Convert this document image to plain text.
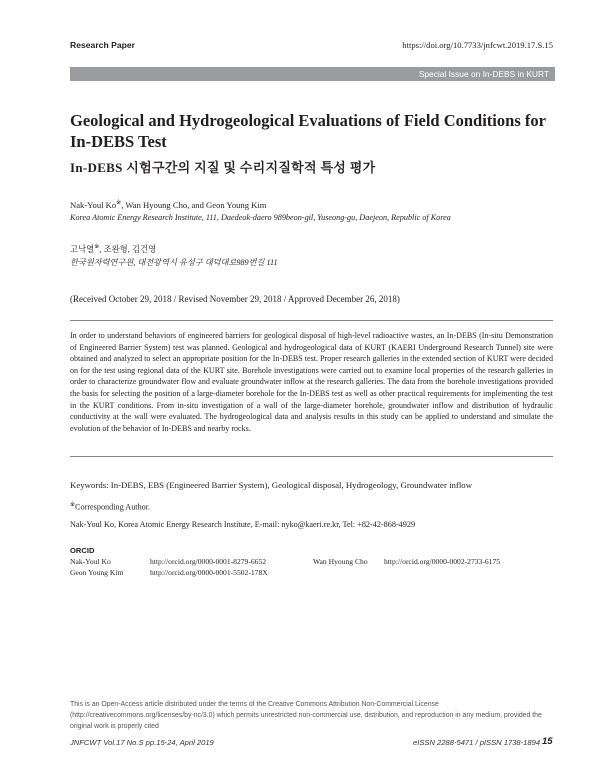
Research Paper	https://doi.org/10.7733/jnfcwt.2019.17.S.15
Special Issue on In-DEBS in KURT
Geological and Hydrogeological Evaluations of Field Conditions for In-DEBS Test
In-DEBS 시험구간의 지질 및 수리지질학적 특성 평가
Nak-Youl Ko※, Wan Hyoung Cho, and Geon Young Kim
Korea Atomic Energy Research Institute, 111, Daedeok-daero 989beon-gil, Yuseong-gu, Daejeon, Republic of Korea
고낙열※, 조완형, 김건영
한국원자력연구원, 대전광역시 유성구 대덕대로989번길 111
(Received October 29, 2018 / Revised November 29, 2018 / Approved December 26, 2018)

In order to understand behaviors of engineered barriers for geological disposal of high-level radioactive wastes, an In-DEBS (In-situ Demonstration of Engineered Barrier System) test was planned. Geological and hydrogeological data of KURT (KAERI Underground Research Tunnel) site were obtained and analyzed to select an appropriate position for the In-DEBS test. Proper research galleries in the extended section of KURT were decided on for the test using regional data of the KURT site. Borehole investigations were carried out to examine local properties of the research galleries in order to characterize groundwater flow and evaluate groundwater inflow at the research galleries. The data from the borehole investigations provided the basis for selecting the position of a large-diameter borehole for the In-DEBS test as well as other practical requirements for implementing the test in the KURT conditions. From in-situ investigation of a wall of the large-diameter borehole, groundwater inflow and distribution of hydraulic conductivity at the wall were evaluated. The hydrogeological data and analysis results in this study can be applied to understand and simulate the evolution of the behavior of In-DEBS and nearby rocks.

Keywords: In-DEBS, EBS (Engineered Barrier System), Geological disposal, Hydrogeology, Groundwater inflow
※Corresponding Author.
Nak-Youl Ko, Korea Atomic Energy Research Institute, E-mail: nyko@kaeri.re.kr, Tel: +82-42-868-4929
ORCID
Nak-Youl Ko	http://orcid.org/0000-0001-8279-6652	Wan Hyoung Cho http://orcid.org/0000-0002-2733-6175
Geon Young Kim	http://orcid.org/0000-0001-5502-178X
This is an Open-Access article distributed under the terms of the Creative Commons Attribution Non-Commercial License (http://creativecommons.org/licenses/by-nc/3.0) which permits unrestricted non-commercial use, distribution, and reproduction in any medium, provided the original work is properly cited
JNFCWT Vol.17 No.S pp.15-24, April 2019	eISSN 2288-5471 / pISSN 1738-1894 15
